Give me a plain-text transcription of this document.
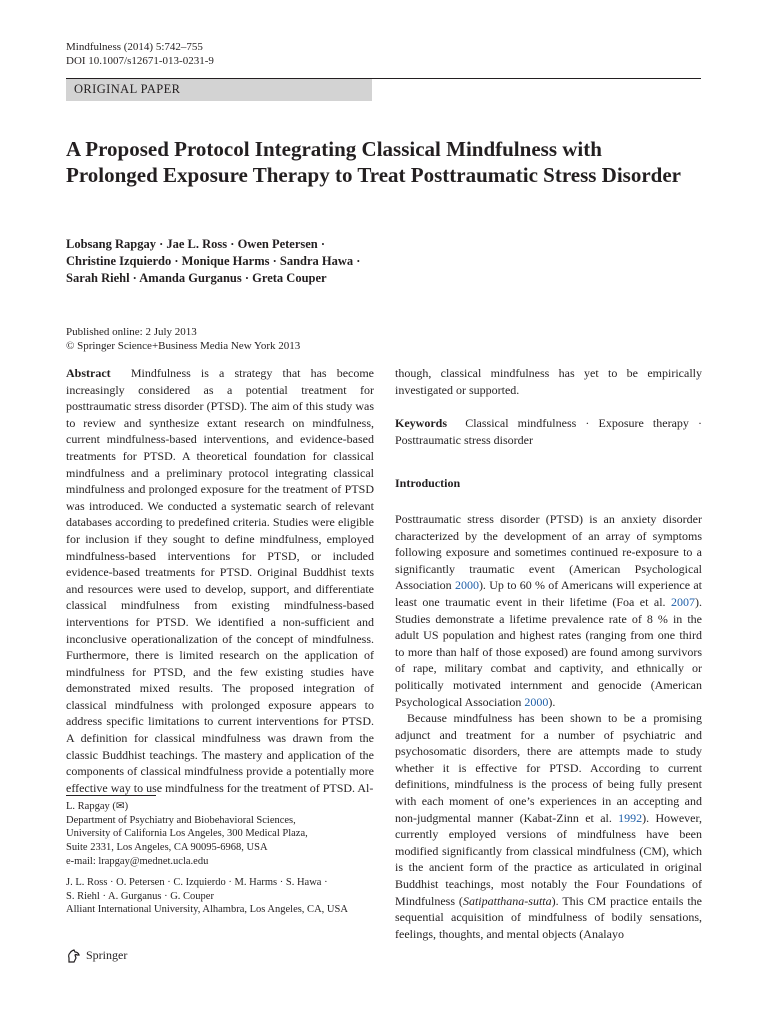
Mindfulness (2014) 5:742–755
DOI 10.1007/s12671-013-0231-9
ORIGINAL PAPER
A Proposed Protocol Integrating Classical Mindfulness with Prolonged Exposure Therapy to Treat Posttraumatic Stress Disorder
Lobsang Rapgay · Jae L. Ross · Owen Petersen ·
Christine Izquierdo · Monique Harms · Sandra Hawa ·
Sarah Riehl · Amanda Gurganus · Greta Couper
Published online: 2 July 2013
© Springer Science+Business Media New York 2013

Abstract Mindfulness is a strategy that has become increasingly considered as a potential treatment for posttraumatic stress disorder (PTSD). The aim of this study was to review and synthesize extant research on mindfulness, current mindfulness-based interventions, and evidence-based treatments for PTSD. A theoretical foundation for classical mindfulness and a preliminary protocol integrating classical mindfulness and prolonged exposure for the treatment of PTSD was introduced. We conducted a systematic search of relevant databases according to predefined criteria. Studies were eligible for inclusion if they sought to define mindfulness, employed mindfulness-based interventions for PTSD, or included evidence-based treatments for PTSD. Original Buddhist texts and resources were used to develop, support, and differentiate classical mindfulness from existing mindfulness-based interventions for PTSD. We identified a non-sufficient and inconclusive operationalization of the concept of mindfulness. Furthermore, there is limited research on the application of mindfulness for PTSD, and the few existing studies have demonstrated mixed results. The proposed integration of classical mindfulness with prolonged exposure appears to address specific limitations to current interventions for PTSD. A definition for classical mindfulness was drawn from the classic Buddhist teachings. The mastery and application of the components of classical mindfulness provide a potentially more effective way to use mindfulness for the treatment of PTSD. Al-

though, classical mindfulness has yet to be empirically investigated or supported.

Keywords Classical mindfulness · Exposure therapy · Posttraumatic stress disorder

Introduction

Posttraumatic stress disorder (PTSD) is an anxiety disorder characterized by the development of an array of symptoms following exposure and sometimes continued re-exposure to a significantly traumatic event (American Psychological Association 2000). Up to 60 % of Americans will experience at least one traumatic event in their lifetime (Foa et al. 2007). Studies demonstrate a lifetime prevalence rate of 8 % in the adult US population and highest rates (ranging from one third to more than half of those exposed) are found among survivors of rape, military combat and captivity, and ethnically or politically motivated internment and genocide (American Psychological Association 2000).

Because mindfulness has been shown to be a promising adjunct and treatment for a number of psychiatric and psychosomatic disorders, there are attempts made to study whether it is effective for PTSD. According to current definitions, mindfulness is the process of being fully present with each moment of one’s experiences in an accepting and non-judgmental manner (Kabat-Zinn et al. 1992). However, currently employed versions of mindfulness have been modified significantly from classical mindfulness (CM), which is the ancient form of the practice as articulated in original Buddhist teachings, most notably the Four Foundations of Mindfulness (Satipatthana-sutta). This CM practice entails the sequential acquisition of mindfulness of bodily sensations, feelings, thoughts, and mental objects (Analayo

L. Rapgay (✉)

Department of Psychiatry and Biobehavioral Sciences,

University of California Los Angeles, 300 Medical Plaza,

Suite 2331, Los Angeles, CA 90095-6968, USA

e-mail: lrapgay@mednet.ucla.edu

J. L. Ross · O. Petersen · C. Izquierdo · M. Harms · S. Hawa ·

S. Riehl · A. Gurganus · G. Couper

Alliant International University, Alhambra, Los Angeles, CA, USA

Springer
